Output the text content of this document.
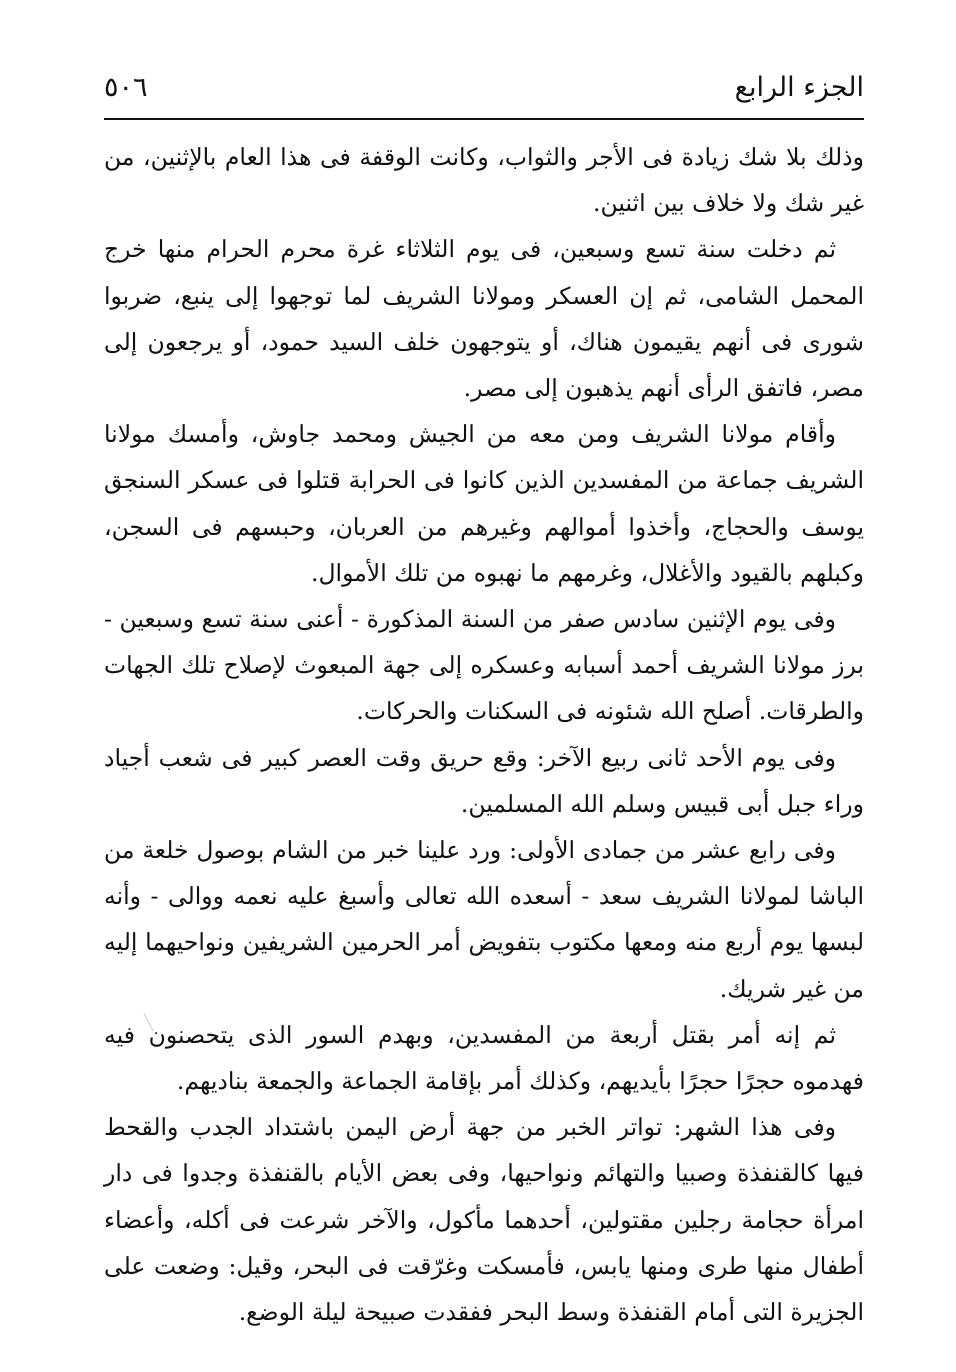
الجزء الرابع
٥٠٦

وذلك بلا شك زيادة فى الأجر والثواب، وكانت الوقفة فى هذا العام بالإثنين، من غير شك ولا خلاف بين اثنين.

ثم دخلت سنة تسع وسبعين، فى يوم الثلاثاء غرة محرم الحرام منها خرج المحمل الشامى، ثم إن العسكر ومولانا الشريف لما توجهوا إلى ينبع، ضربوا شورى فى أنهم يقيمون هناك، أو يتوجهون خلف السيد حمود، أو يرجعون إلى مصر، فاتفق الرأى أنهم يذهبون إلى مصر.

وأقام مولانا الشريف ومن معه من الجيش ومحمد جاوش، وأمسك مولانا الشريف جماعة من المفسدين الذين كانوا فى الحرابة قتلوا فى عسكر السنجق يوسف والحجاج، وأخذوا أموالهم وغيرهم من العربان، وحبسهم فى السجن، وكبلهم بالقيود والأغلال، وغرمهم ما نهبوه من تلك الأموال.

وفى يوم الإثنين سادس صفر من السنة المذكورة - أعنى سنة تسع وسبعين - برز مولانا الشريف أحمد أسبابه وعسكره إلى جهة المبعوث لإصلاح تلك الجهات والطرقات. أصلح الله شئونه فى السكنات والحركات.

وفى يوم الأحد ثانى ربيع الآخر: وقع حريق وقت العصر كبير فى شعب أجياد وراء جبل أبى قبيس وسلم الله المسلمين.

وفى رابع عشر من جمادى الأولى: ورد علينا خبر من الشام بوصول خلعة من الباشا لمولانا الشريف سعد - أسعده الله تعالى وأسبغ عليه نعمه ووالى - وأنه لبسها يوم أربع منه ومعها مكتوب بتفويض أمر الحرمين الشريفين ونواحيهما إليه من غير شريك.

ثم إنه أمر بقتل أربعة من المفسدين، وبهدم السور الذى يتحصنون فيه فهدموه حجرًا حجرًا بأيديهم، وكذلك أمر بإقامة الجماعة والجمعة بناديهم.

وفى هذا الشهر: تواتر الخبر من جهة أرض اليمن باشتداد الجدب والقحط فيها كالقنفذة وصبيا والتهائم ونواحيها، وفى بعض الأيام بالقنفذة وجدوا فى دار امرأة حجامة رجلين مقتولين، أحدهما مأكول، والآخر شرعت فى أكله، وأعضاء أطفال منها طرى ومنها يابس، فأمسكت وغرّقت فى البحر، وقيل: وضعت على الجزيرة التى أمام القنفذة وسط البحر ففقدت صبيحة ليلة الوضع.
